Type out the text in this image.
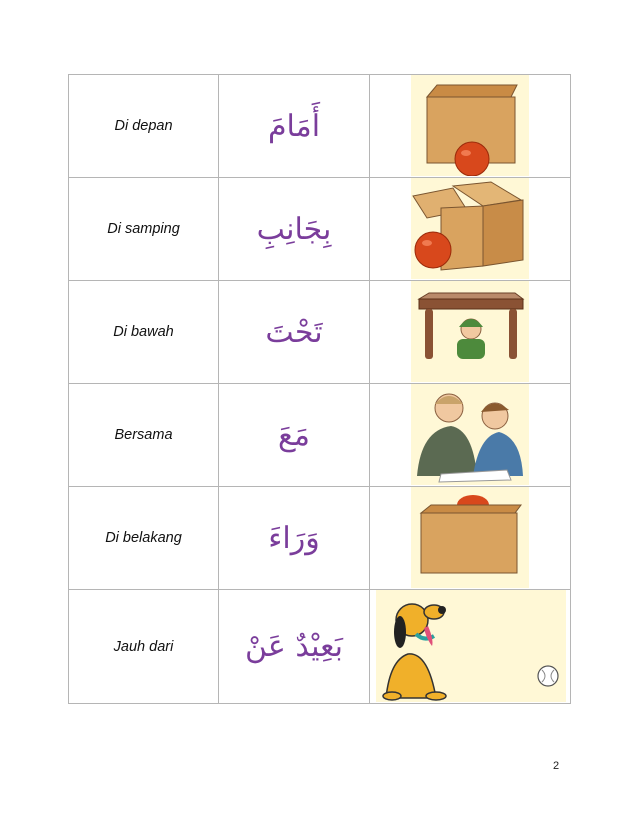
Di depan	أَمَامَ	

Di samping	بِجَانِبِ	

Di bawah	تَحْتَ	

Bersama	مَعَ	

Di belakang	وَرَاءَ	

Jauh dari	بَعِيْدٌ عَنْ	
2
